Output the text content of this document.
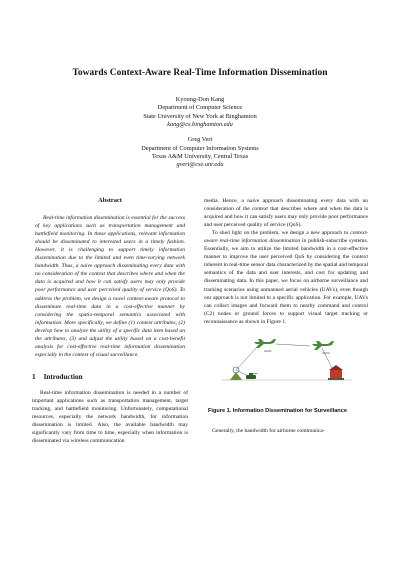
Towards Context-Aware Real-Time Information Dissemination
Kyoung-Don Kang
Department of Computer Science
State University of New York at Binghamton
kang@cs.binghamton.edu
Greg Vert
Department of Computer Information Systems
Texas A&M University, Central Texas
gvert@cse.unr.edu
Abstract
Real-time information dissemination is essential for the success of key applications such as transportation management and battlefield monitoring. In these applications, relevant information should be disseminated to interested users in a timely fashion. However, it is challenging to support timely information dissemination due to the limited and even time-varying network bandwidth. Thus, a naive approach disseminating every data with no consideration of the context that describes where and when the data is acquired and how it can satisfy users may only provide poor performance and user perceived quality of service (QoS). To address the problem, we design a novel context-aware protocol to disseminate real-time data in a cost-effective manner by considering the spatio-temporal semantics associated with information. More specifically, we define (1) context attributes, (2) develop how to analyze the utility of a specific data item based on the attributes, (3) and adjust the utility based on a cost-benefit analysis for cost-effective real-time information dissemination especially in the context of visual surveillance.
1 Introduction

Real-time information dissemination is needed in a number of important applications such as transportation management, target tracking, and battlefield monitoring. Unfortunately, computational resources, especially the network bandwidth, for information dissemination is limited. Also, the available bandwidth may significantly vary from time to time, especially when information is disseminated via wireless communication

media. Hence, a naive approach disseminating every data with no consideration of the context that describes where and when the data is acquired and how it can satisfy users may only provide poor performance and user perceived quality of service (QoS).

To shed light on the problem, we design a new approach to context-aware real-time information dissemination in publish-subscribe systems. Essentially, we aim to utilize the limited bandwidth in a cost-effective manner to improve the user perceived QoS by considering the context inherent in real-time sensor data characterized by the spatial and temporal semantics of the data and user interests, and cost for updating and disseminating data. In this paper, we focus on airborne surveillance and tracking scenarios using unmanned aerial vehicles (UAVs), even though our approach is not limited to a specific application. For example, UAVs can collect images and forward them to nearby command and control (C2) nodes or ground forces to support visual target tracking or reconnaissance as shown in Figure 1.

UAV1	UAV2
Figure 1. Information Dissemination for Surveillance

Generally, the bandwidth for airborne communica-
